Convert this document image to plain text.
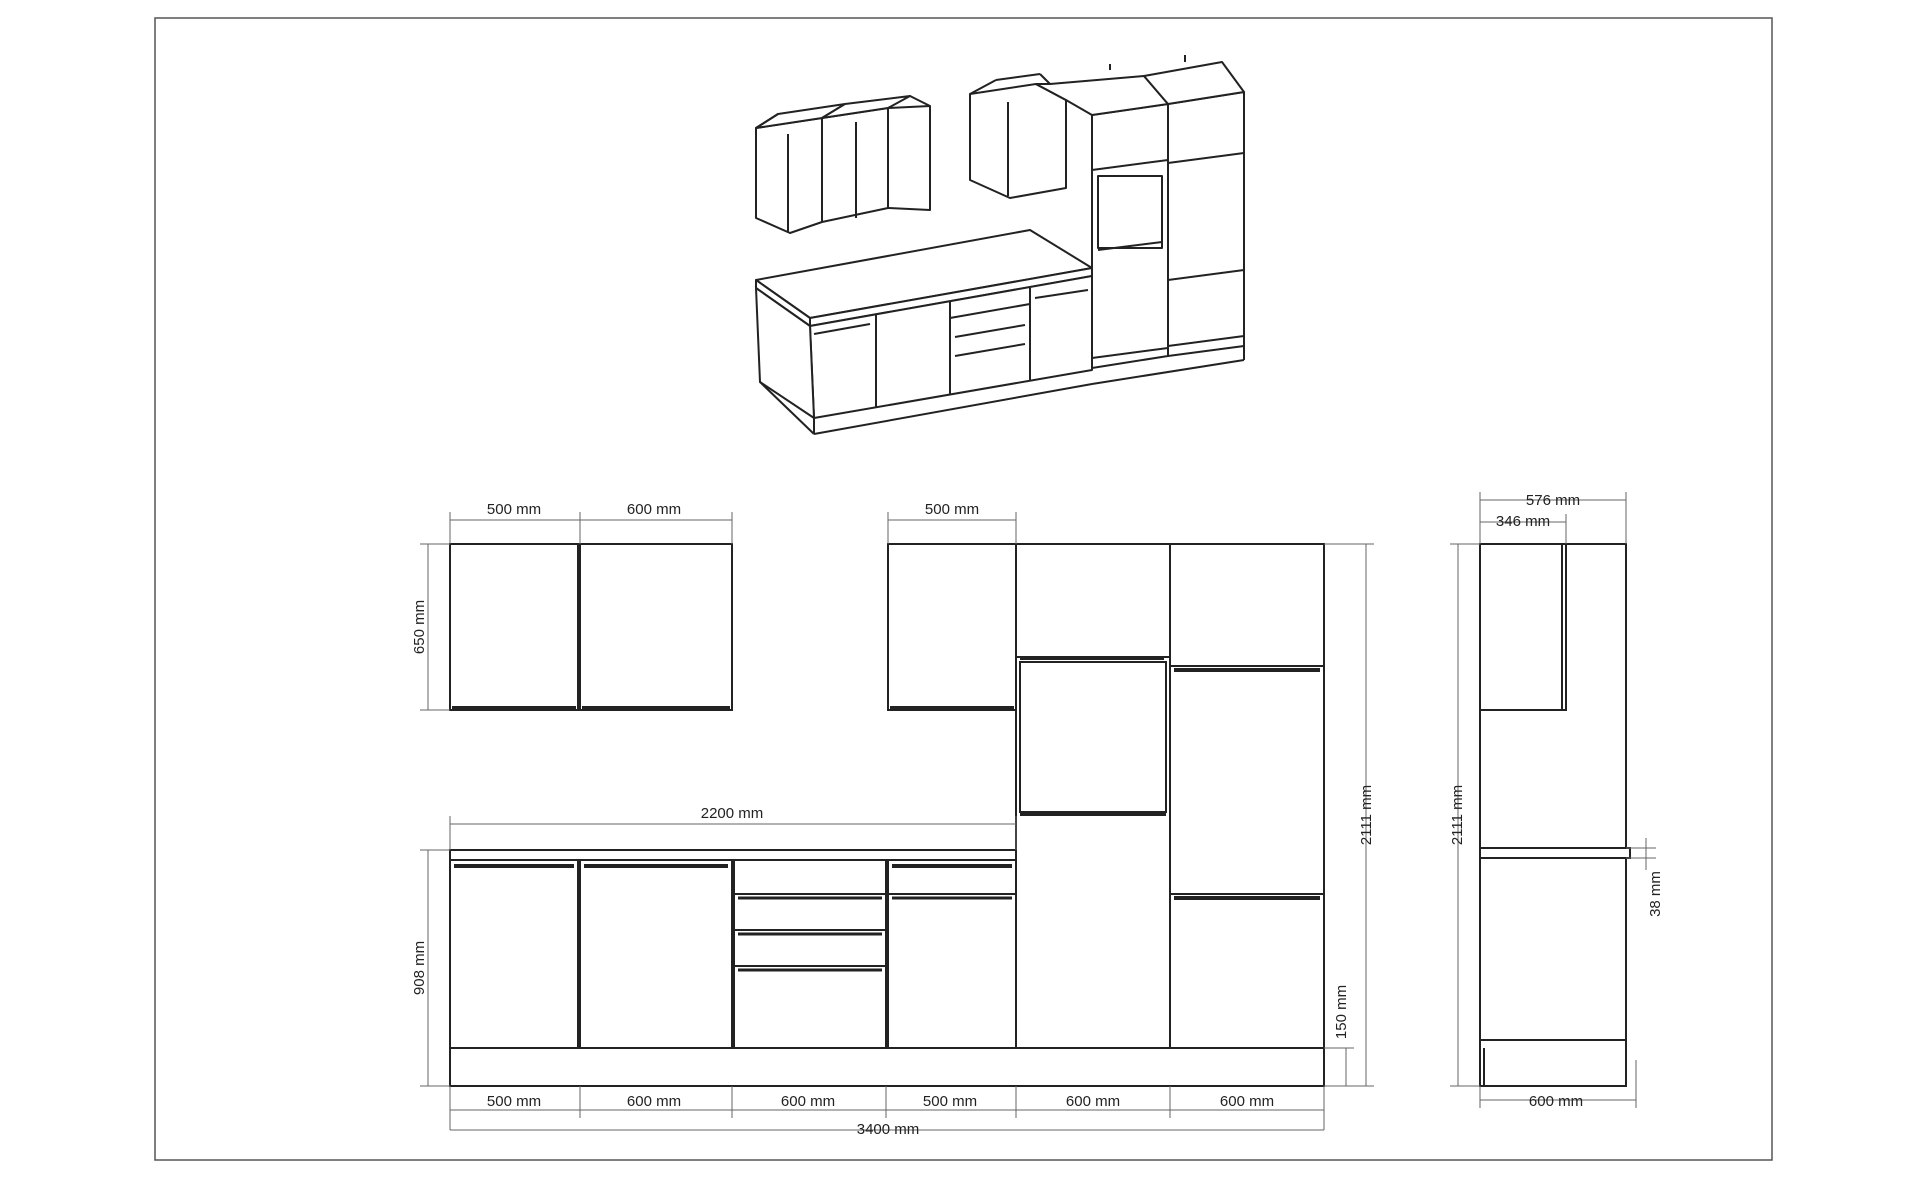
500 mm	600 mm	500 mm
650 mm
2200 mm
908 mm
500 mm	600 mm	600 mm	500 mm	600 mm	600 mm
3400 mm
150 mm
2111 mm
576 mm
346 mm
2111 mm
38 mm
600 mm
